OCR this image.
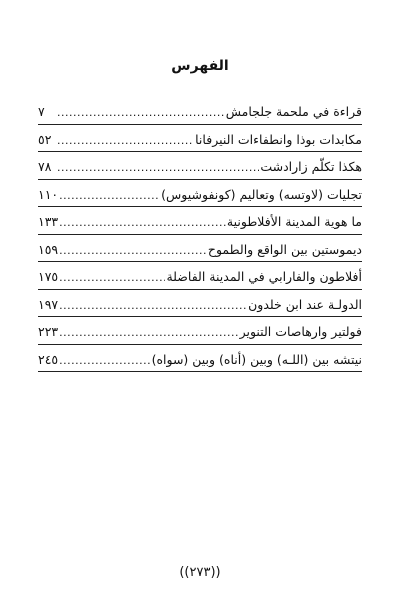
الفهرس
قراءة في ملحمة جلجامش
.....
٧
مكابدات بوذا وانطفاءات النيرفانا
.....
٥٢
هكذا تكلّم زارادشت
.....
٧٨
تجليات (لاوتسه) وتعاليم (كونفوشيوس)
.....
١١٠
ما هوية المدينة الأفلاطونية
.....
١٣٣
ديموستين بين الواقع والطموح
.....
١٥٩
أفلاطون والفارابي في المدينة الفاضلة
.....
١٧٥
الدولـة عند ابن خلدون
.....
١٩٧
فولتير وارهاصات التنوير
.....
٢٢٣
نيتشه بين (اللـه) وبين (أناه) وبين (سواه)
.....
٢٤٥
((٢٧٣))
